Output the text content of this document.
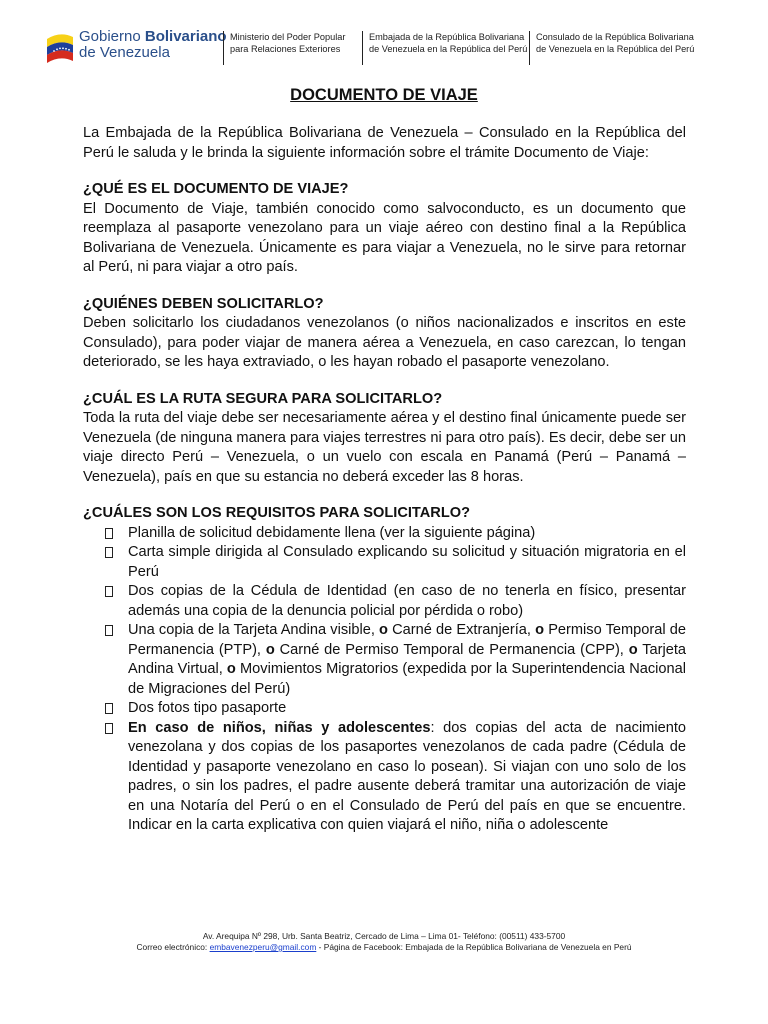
Gobierno Bolivariano
de Venezuela
Ministerio del Poder Popular
para Relaciones Exteriores
Embajada de la República Bolivariana
de Venezuela en la República del Perú
Consulado de la República Bolivariana
de Venezuela en la República del Perú
DOCUMENTO DE VIAJE

La Embajada de la República Bolivariana de Venezuela – Consulado en la República del Perú le saluda y le brinda la siguiente información sobre el trámite Documento de Viaje:

¿QUÉ ES EL DOCUMENTO DE VIAJE?

El Documento de Viaje, también conocido como salvoconducto, es un documento que reemplaza al pasaporte venezolano para un viaje aéreo con destino final a la República Bolivariana de Venezuela. Únicamente es para viajar a Venezuela, no le sirve para retornar al Perú, ni para viajar a otro país.

¿QUIÉNES DEBEN SOLICITARLO?

Deben solicitarlo los ciudadanos venezolanos (o niños nacionalizados e inscritos en este Consulado), para poder viajar de manera aérea a Venezuela, en caso carezcan, lo tengan deteriorado, se les haya extraviado, o les hayan robado el pasaporte venezolano.

¿CUÁL ES LA RUTA SEGURA PARA SOLICITARLO?

Toda la ruta del viaje debe ser necesariamente aérea y el destino final únicamente puede ser Venezuela (de ninguna manera para viajes terrestres ni para otro país). Es decir, debe ser un viaje directo Perú – Venezuela, o un vuelo con escala en Panamá (Perú – Panamá – Venezuela), país en que su estancia no deberá exceder las 8 horas.

¿CUÁLES SON LOS REQUISITOS PARA SOLICITARLO?
Planilla de solicitud debidamente llena (ver la siguiente página)
Carta simple dirigida al Consulado explicando su solicitud y situación migratoria en el Perú
Dos copias de la Cédula de Identidad (en caso de no tenerla en físico, presentar además una copia de la denuncia policial por pérdida o robo)
Una copia de la Tarjeta Andina visible, o Carné de Extranjería, o Permiso Temporal de Permanencia (PTP), o Carné de Permiso Temporal de Permanencia (CPP), o Tarjeta Andina Virtual, o Movimientos Migratorios (expedida por la Superintendencia Nacional de Migraciones del Perú)
Dos fotos tipo pasaporte
En caso de niños, niñas y adolescentes: dos copias del acta de nacimiento venezolana y dos copias de los pasaportes venezolanos de cada padre (Cédula de Identidad y pasaporte venezolano en caso lo posean). Si viajan con uno solo de los padres, o sin los padres, el padre ausente deberá tramitar una autorización de viaje en una Notaría del Perú o en el Consulado de Perú del país en que se encuentre. Indicar en la carta explicativa con quien viajará el niño, niña o adolescente
Av. Arequipa Nº 298, Urb. Santa Beatriz, Cercado de Lima – Lima 01- Teléfono: (00511) 433-5700
Correo electrónico: embavenezperu@gmail.com - Página de Facebook: Embajada de la República Bolivariana de Venezuela en Perú
